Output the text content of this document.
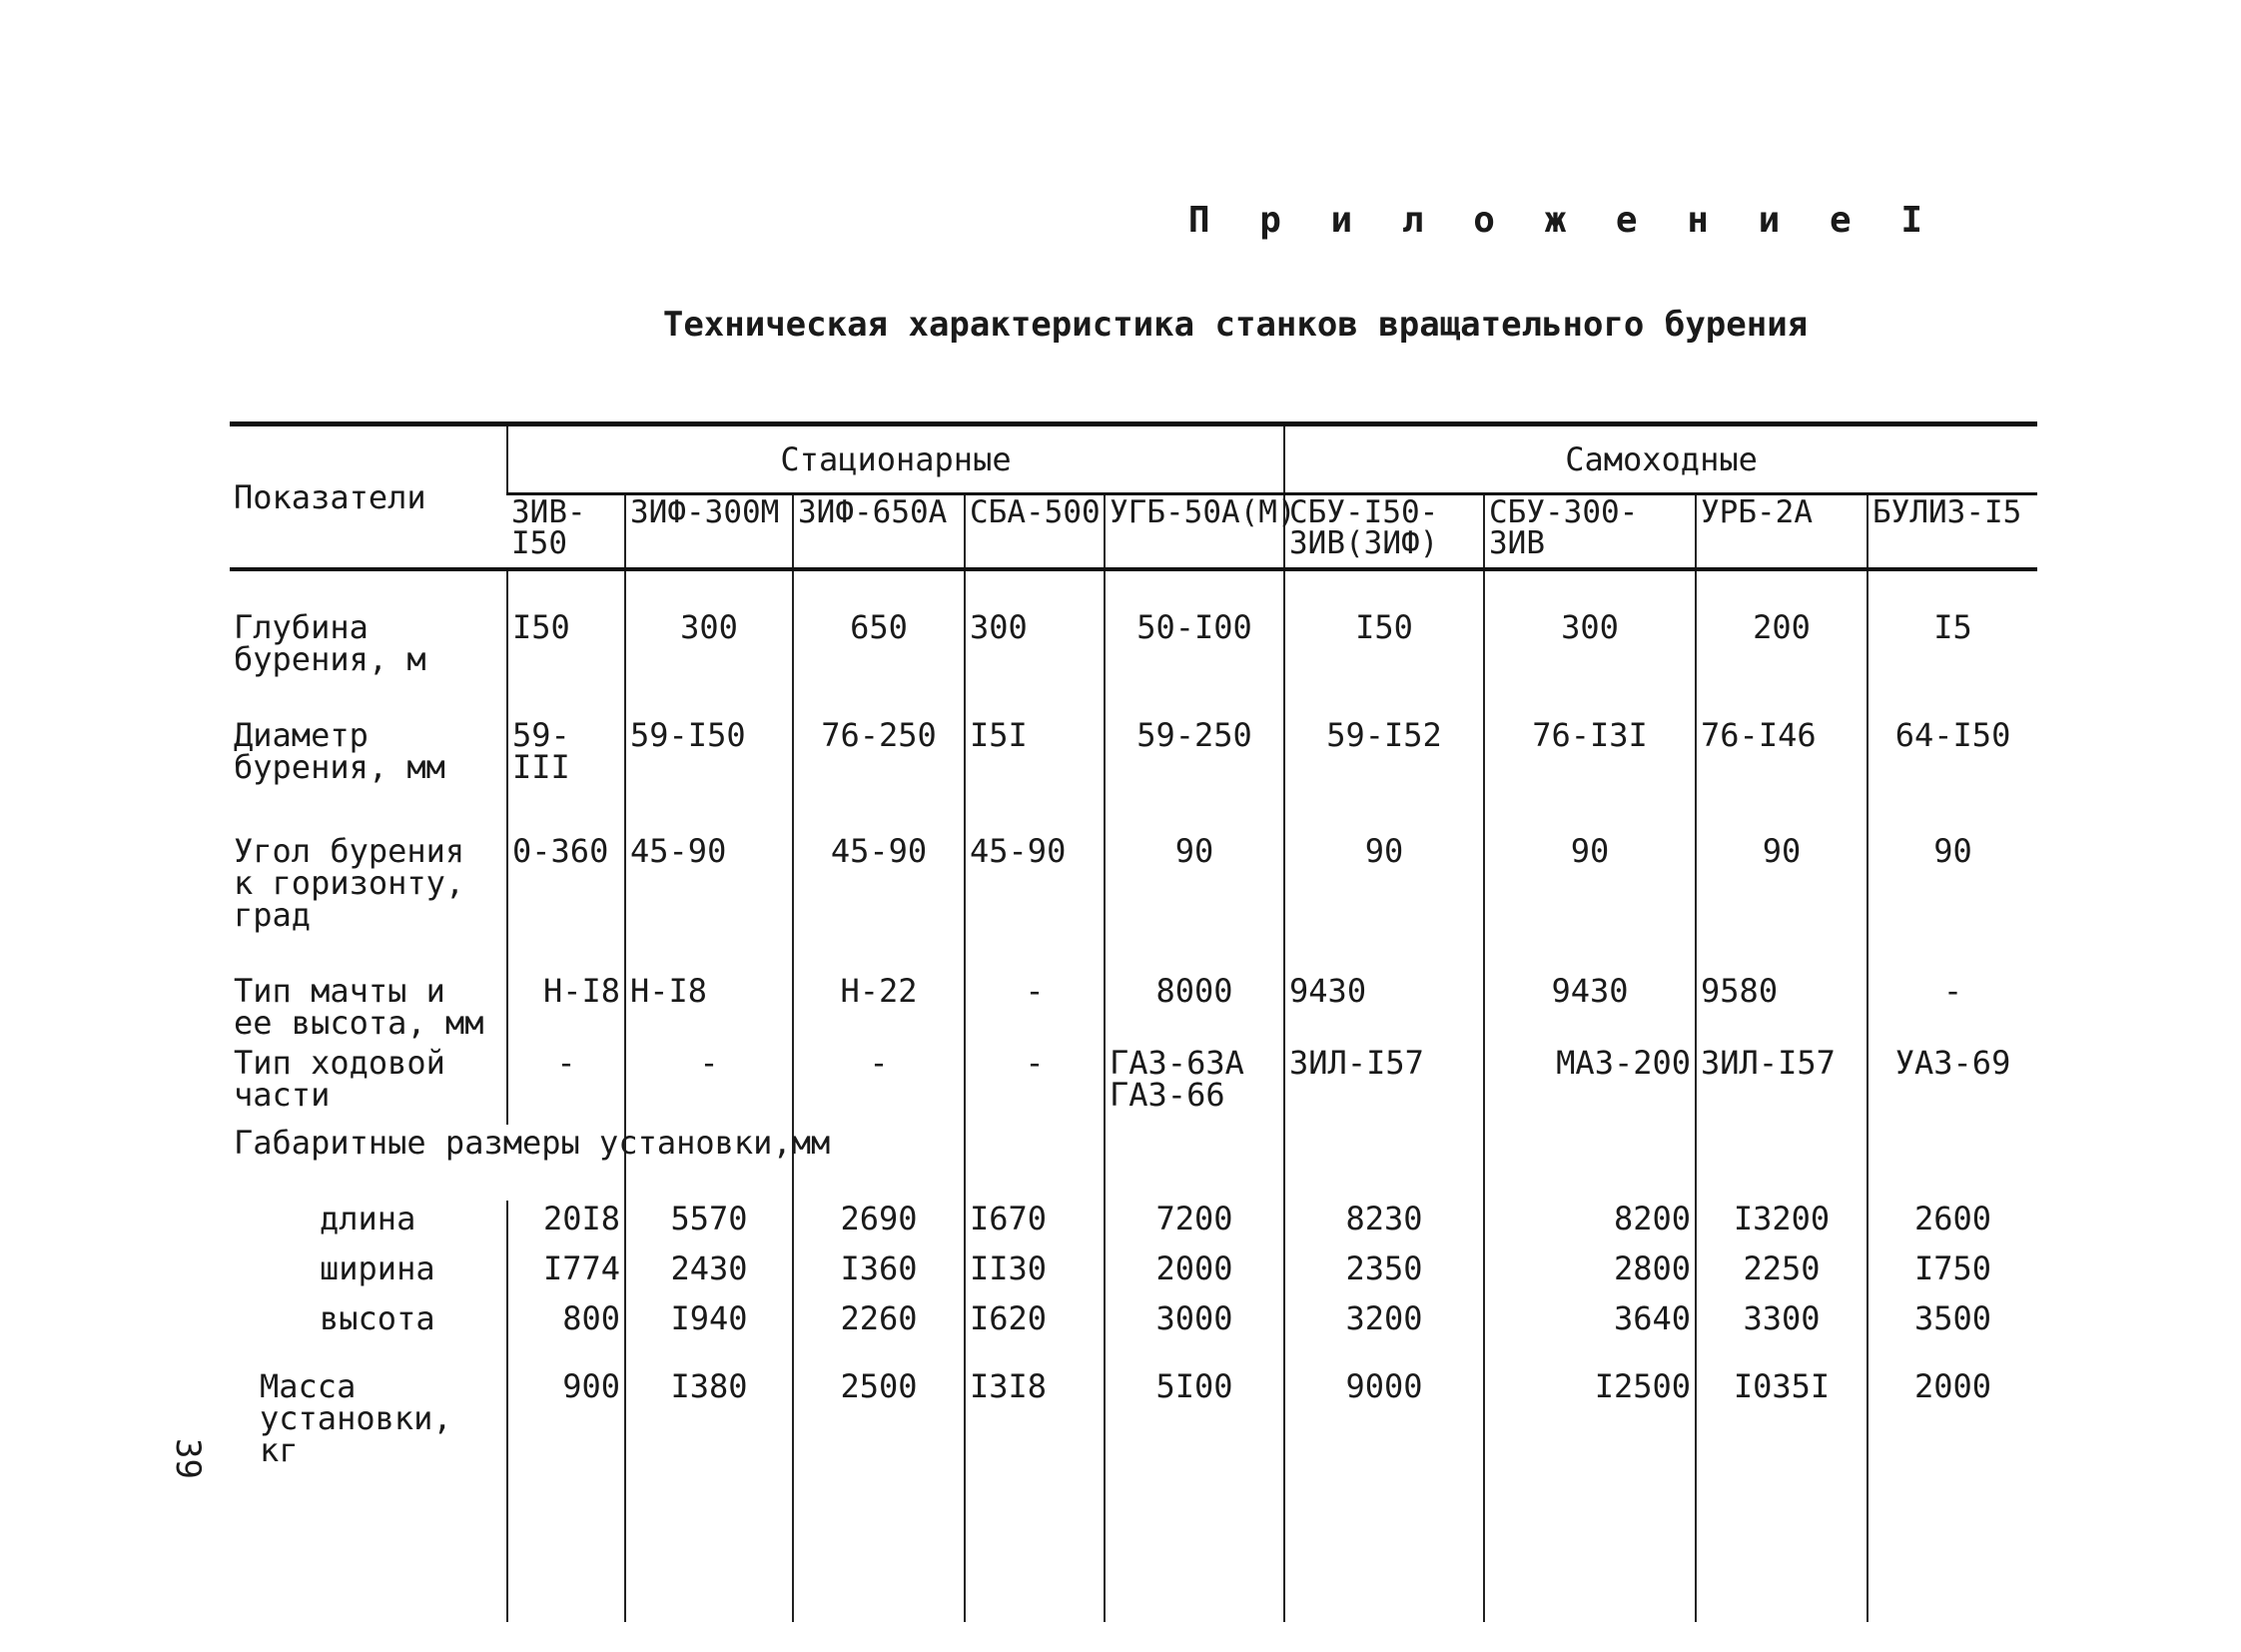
П р и л о ж е н и е I
Техническая характеристика станков вращательного бурения
Показатели	Стационарные					Самоходные			
	ЗИВ-I50	ЗИФ-300М	ЗИФ-650А	СБА-500	УГБ-50А(М)	СБУ-I50-ЗИВ(ЗИФ)	СБУ-300-ЗИВ	УРБ-2А	БУЛИЗ-I5
Глубина бурения, м	I50	300	650	300	50-I00	I50	300	200	I5
Диаметр бурения, мм	59-III	59-I50	76-250	I5I	59-250	59-I52	76-I3I	76-I46	64-I50
Угол бурения к горизонту, град	0-360	45-90	45-90	45-90	90	90	90	90	90
Тип мачты и ее высота, мм	Н-I8	Н-I8	Н-22	-	8000	9430	9430	9580	-
Тип ходовой части	-	-	-	-	ГАЗ-63А ГАЗ-66	ЗИЛ-I57	МАЗ-200	ЗИЛ-I57	УАЗ-69
Габаритные размеры установки,мм									
длина	20I8	5570	2690	I670	7200	8230	8200	I3200	2600
ширина	I774	2430	I360	II30	2000	2350	2800	2250	I750
высота	800	I940	2260	I620	3000	3200	3640	3300	3500
Масса установки, кг	900	I380	2500	I3I8	5I00	9000	I2500	I035I	2000

39
